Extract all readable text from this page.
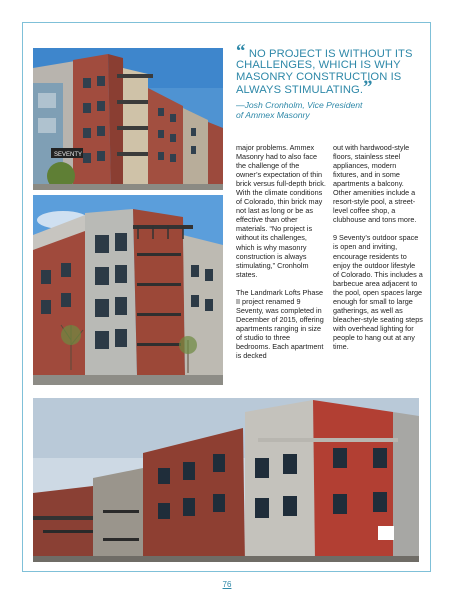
SEVENTY
“ NO PROJECT IS WITHOUT ITS CHALLENGES, WHICH IS WHY MASONRY CONSTRUCTION IS ALWAYS STIMULATING.”
—Josh Cronholm, Vice President
of Ammex Masonry

major problems. Ammex Masonry had to also face the challenge of the owner’s expectation of thin brick versus full-depth brick. With the climate conditions of Colorado, thin brick may not last as long or be as effective than other materials. “No project is without its challenges, which is why masonry construction is always stimulating,” Cronholm states.

The Landmark Lofts Phase II project renamed 9 Seventy, was completed in December of 2015, offering apartments ranging in size of studio to three bedrooms. Each apartment is decked

out with hardwood-style floors, stainless steel appliances, modern fixtures, and in some apartments a balcony. Other amenities include a resort-style pool, a street-level coffee shop, a clubhouse and tons more.

9 Seventy’s outdoor space is open and inviting, encourage residents to enjoy the outdoor lifestyle of Colorado. This includes a barbecue area adjacent to the pool, open spaces large enough for small to large gatherings, as well as bleacher-style seating steps with overhead lighting for people to hang out at any time.

76
